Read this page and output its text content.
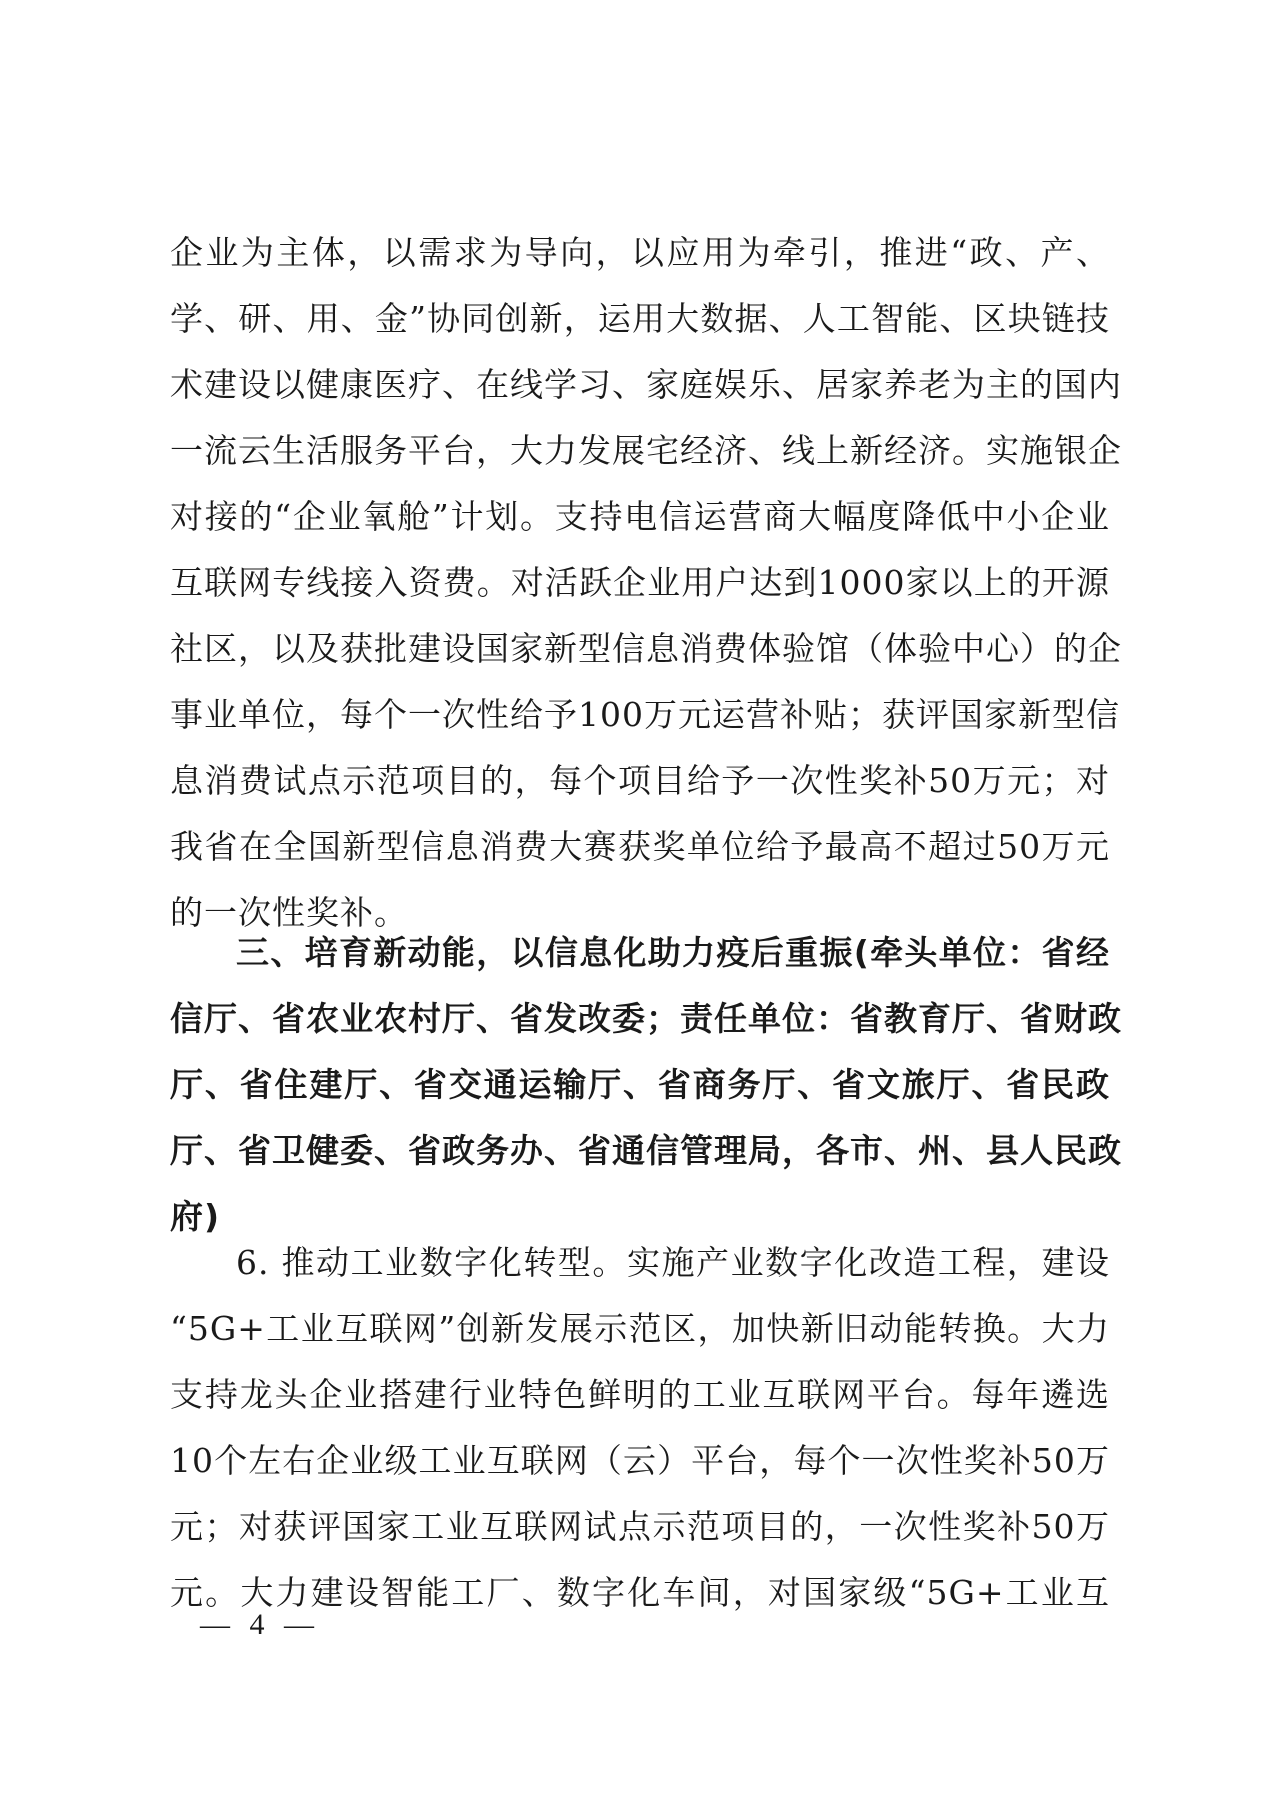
企业为主体，以需求为导向，以应用为牵引，推进“政、产、
学、研、用、金”协同创新，运用大数据、人工智能、区块链技
术建设以健康医疗、在线学习、家庭娱乐、居家养老为主的国内
一流云生活服务平台，大力发展宅经济、线上新经济。实施银企
对接的“企业氧舱”计划。支持电信运营商大幅度降低中小企业
互联网专线接入资费。对活跃企业用户达到1000家以上的开源
社区，以及获批建设国家新型信息消费体验馆（体验中心）的企
事业单位，每个一次性给予100万元运营补贴；获评国家新型信
息消费试点示范项目的，每个项目给予一次性奖补50万元；对
我省在全国新型信息消费大赛获奖单位给予最高不超过50万元
的一次性奖补。
三、培育新动能，以信息化助力疫后重振(牵头单位：省经
信厅、省农业农村厅、省发改委；责任单位：省教育厅、省财政
厅、省住建厅、省交通运输厅、省商务厅、省文旅厅、省民政
厅、省卫健委、省政务办、省通信管理局，各市、州、县人民政
府)
6. 推动工业数字化转型。实施产业数字化改造工程，建设
“5G+工业互联网”创新发展示范区，加快新旧动能转换。大力
支持龙头企业搭建行业特色鲜明的工业互联网平台。每年遴选
10个左右企业级工业互联网（云）平台，每个一次性奖补50万
元；对获评国家工业互联网试点示范项目的，一次性奖补50万
元。大力建设智能工厂、数字化车间，对国家级“5G+工业互
— 4 —
